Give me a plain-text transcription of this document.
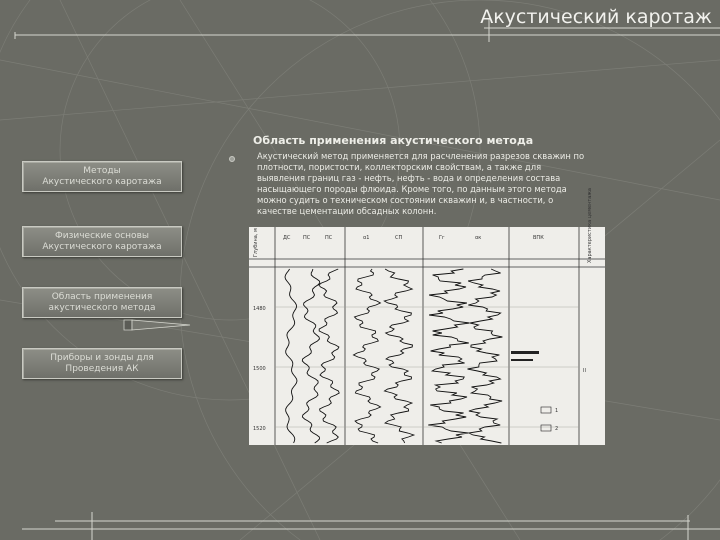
Акустический каротаж
Методы
Акустического каротажа
Физические основы
Акустического каротажа
Область применения
акустического метода
Приборы и зонды для
Проведения АК
Область применения акустического метода
Акустический метод применяется для расчленения разрезов скважин по
плотности, пористости, коллекторским свойствам, а также для
выявления границ газ - нефть, нефть - вода и определения состава
насыщающего породы флюида. Кроме того, по данным этого метода
можно судить о техническом состоянии скважин и, в частности, о
качестве цементации обсадных колонн.
Глубина, м	ДС	ПС	ПС	α1	СП	Гг	αк	ВПК	Характеристика цементажа
1480
1500
1520
1
2
II
